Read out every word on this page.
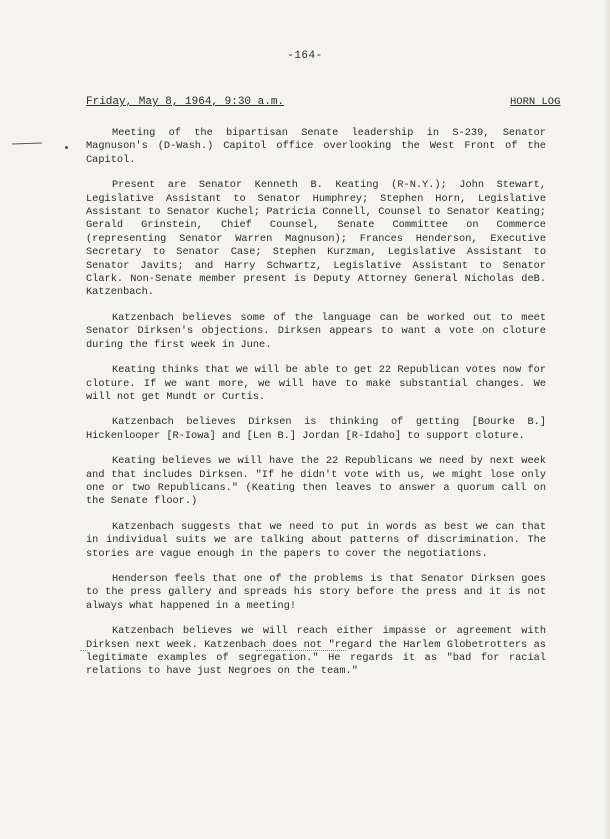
-164-
Friday, May 8, 1964, 9:30 a.m.	HORN LOG

Meeting of the bipartisan Senate leadership in S-239, Senator Magnuson's (D-Wash.) Capitol office overlooking the West Front of the Capitol.

Present are Senator Kenneth B. Keating (R-N.Y.); John Stewart, Legislative Assistant to Senator Humphrey; Stephen Horn, Legislative Assistant to Senator Kuchel; Patricia Connell, Counsel to Senator Keating; Gerald Grinstein, Chief Counsel, Senate Committee on Commerce (representing Senator Warren Magnuson); Frances Henderson, Executive Secretary to Senator Case; Stephen Kurzman, Legislative Assistant to Senator Javits; and Harry Schwartz, Legislative Assistant to Senator Clark. Non-Senate member present is Deputy Attorney General Nicholas deB. Katzenbach.

Katzenbach believes some of the language can be worked out to meet Senator Dirksen's objections. Dirksen appears to want a vote on cloture during the first week in June.

Keating thinks that we will be able to get 22 Republican votes now for cloture. If we want more, we will have to make substantial changes. We will not get Mundt or Curtis.

Katzenbach believes Dirksen is thinking of getting [Bourke B.] Hickenlooper [R-Iowa] and [Len B.] Jordan [R-Idaho] to support cloture.

Keating believes we will have the 22 Republicans we need by next week and that includes Dirksen. "If he didn't vote with us, we might lose only one or two Republicans." (Keating then leaves to answer a quorum call on the Senate floor.)

Katzenbach suggests that we need to put in words as best we can that in individual suits we are talking about patterns of discrimination. The stories are vague enough in the papers to cover the negotiations.

Henderson feels that one of the problems is that Senator Dirksen goes to the press gallery and spreads his story before the press and it is not always what happened in a meeting!

Katzenbach believes we will reach either impasse or agreement with Dirksen next week. Katzenbach does not "regard the Harlem Globetrotters as legitimate examples of segregation." He regards it as "bad for racial relations to have just Negroes on the team."
